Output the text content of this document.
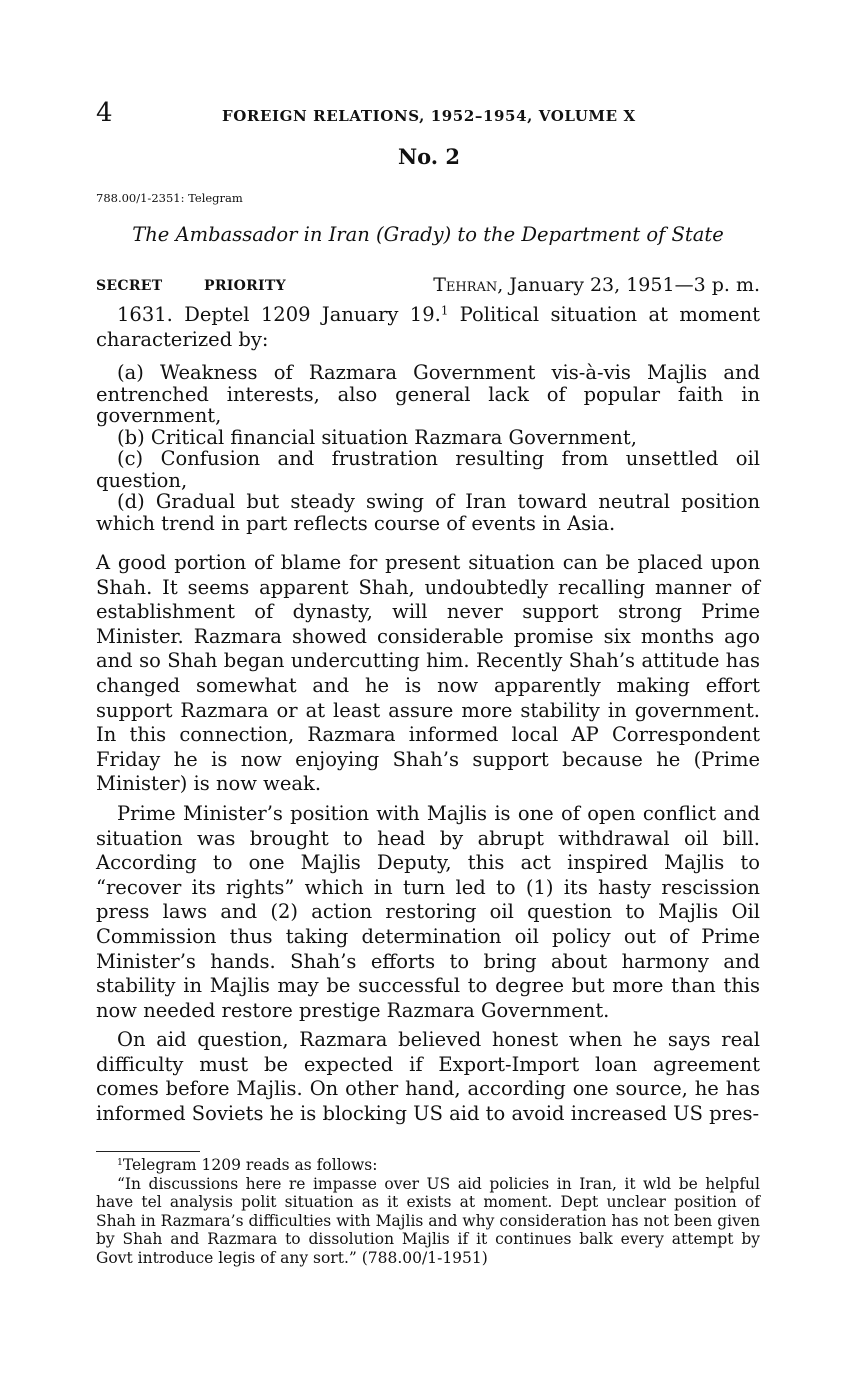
4	FOREIGN RELATIONS, 1952–1954, VOLUME X
No. 2
788.00/1-2351: Telegram
The Ambassador in Iran (Grady) to the Department of State
SECRET	PRIORITY	Tehran, January 23, 1951—3 p. m.
1631. Deptel 1209 January 19.$^1$ Political situation at moment characterized by:
(a) Weakness of Razmara Government vis-à-vis Majlis and entrenched interests, also general lack of popular faith in government,
(b) Critical financial situation Razmara Government,
(c) Confusion and frustration resulting from unsettled oil question,
(d) Gradual but steady swing of Iran toward neutral position which trend in part reflects course of events in Asia.
A good portion of blame for present situation can be placed upon Shah. It seems apparent Shah, undoubtedly recalling manner of establishment of dynasty, will never support strong Prime Minister. Razmara showed considerable promise six months ago and so Shah began undercutting him. Recently Shah’s attitude has changed somewhat and he is now apparently making effort support Razmara or at least assure more stability in government. In this connection, Razmara informed local AP Correspondent Friday he is now enjoying Shah’s support because he (Prime Minister) is now weak.
Prime Minister’s position with Majlis is one of open conflict and situation was brought to head by abrupt withdrawal oil bill. According to one Majlis Deputy, this act inspired Majlis to “recover its rights” which in turn led to (1) its hasty rescission press laws and (2) action restoring oil question to Majlis Oil Commission thus taking determination oil policy out of Prime Minister’s hands. Shah’s efforts to bring about harmony and stability in Majlis may be successful to degree but more than this now needed restore prestige Razmara Government.
On aid question, Razmara believed honest when he says real difficulty must be expected if Export-Import loan agreement comes before Majlis. On other hand, according one source, he has informed Soviets he is blocking US aid to avoid increased US pres-
$^1$Telegram 1209 reads as follows:
“In discussions here re impasse over US aid policies in Iran, it wld be helpful have tel analysis polit situation as it exists at moment. Dept unclear position of Shah in Razmara’s difficulties with Majlis and why consideration has not been given by Shah and Razmara to dissolution Majlis if it continues balk every attempt by Govt introduce legis of any sort.” (788.00/1-1951)
